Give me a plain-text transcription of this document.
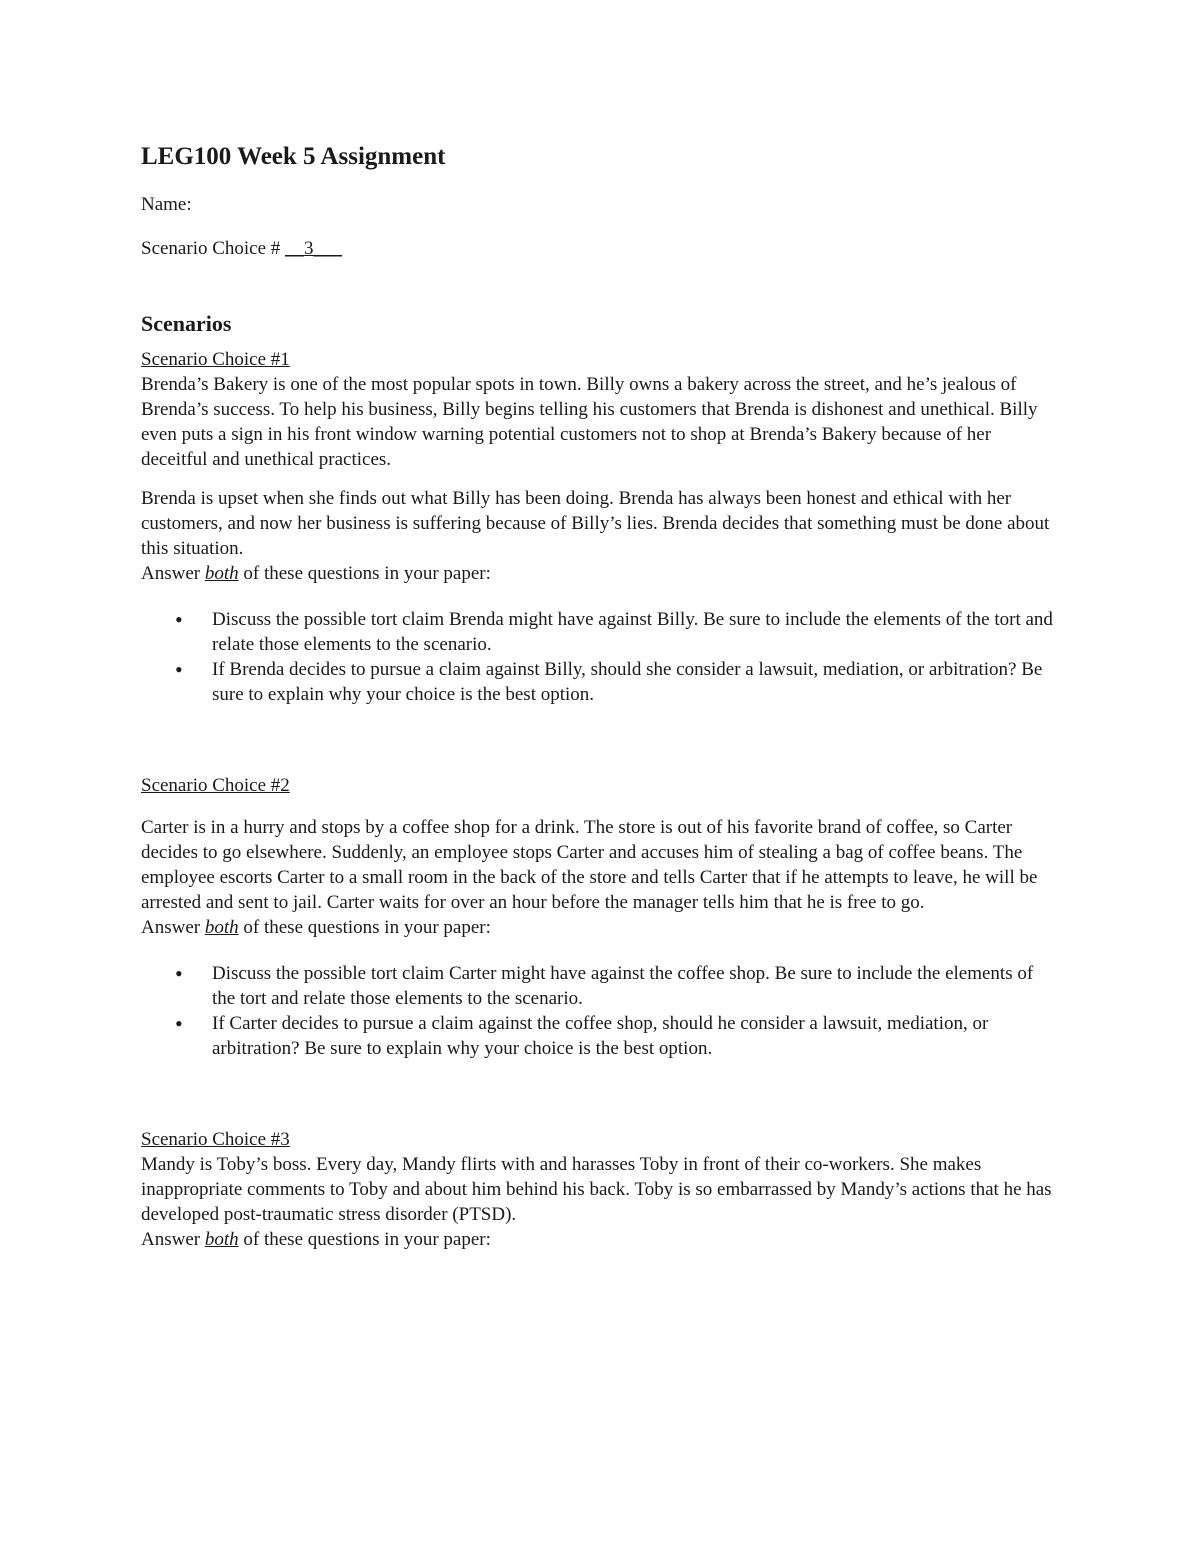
LEG100 Week 5 Assignment

Name:

Scenario Choice # __3___

Scenarios

Scenario Choice #1

Brenda’s Bakery is one of the most popular spots in town. Billy owns a bakery across the street, and he’s jealous of Brenda’s success. To help his business, Billy begins telling his customers that Brenda is dishonest and unethical. Billy even puts a sign in his front window warning potential customers not to shop at Brenda’s Bakery because of her deceitful and unethical practices.

Brenda is upset when she finds out what Billy has been doing. Brenda has always been honest and ethical with her customers, and now her business is suffering because of Billy’s lies. Brenda decides that something must be done about this situation.

Answer both of these questions in your paper:

• Discuss the possible tort claim Brenda might have against Billy. Be sure to include the elements of the tort and relate those elements to the scenario.
• If Brenda decides to pursue a claim against Billy, should she consider a lawsuit, mediation, or arbitration? Be sure to explain why your choice is the best option.

Scenario Choice #2

Carter is in a hurry and stops by a coffee shop for a drink. The store is out of his favorite brand of coffee, so Carter decides to go elsewhere. Suddenly, an employee stops Carter and accuses him of stealing a bag of coffee beans. The employee escorts Carter to a small room in the back of the store and tells Carter that if he attempts to leave, he will be arrested and sent to jail. Carter waits for over an hour before the manager tells him that he is free to go.

Answer both of these questions in your paper:

• Discuss the possible tort claim Carter might have against the coffee shop. Be sure to include the elements of the tort and relate those elements to the scenario.
• If Carter decides to pursue a claim against the coffee shop, should he consider a lawsuit, mediation, or arbitration? Be sure to explain why your choice is the best option.

Scenario Choice #3

Mandy is Toby’s boss. Every day, Mandy flirts with and harasses Toby in front of their co-workers. She makes inappropriate comments to Toby and about him behind his back. Toby is so embarrassed by Mandy’s actions that he has developed post-traumatic stress disorder (PTSD).

Answer both of these questions in your paper:
